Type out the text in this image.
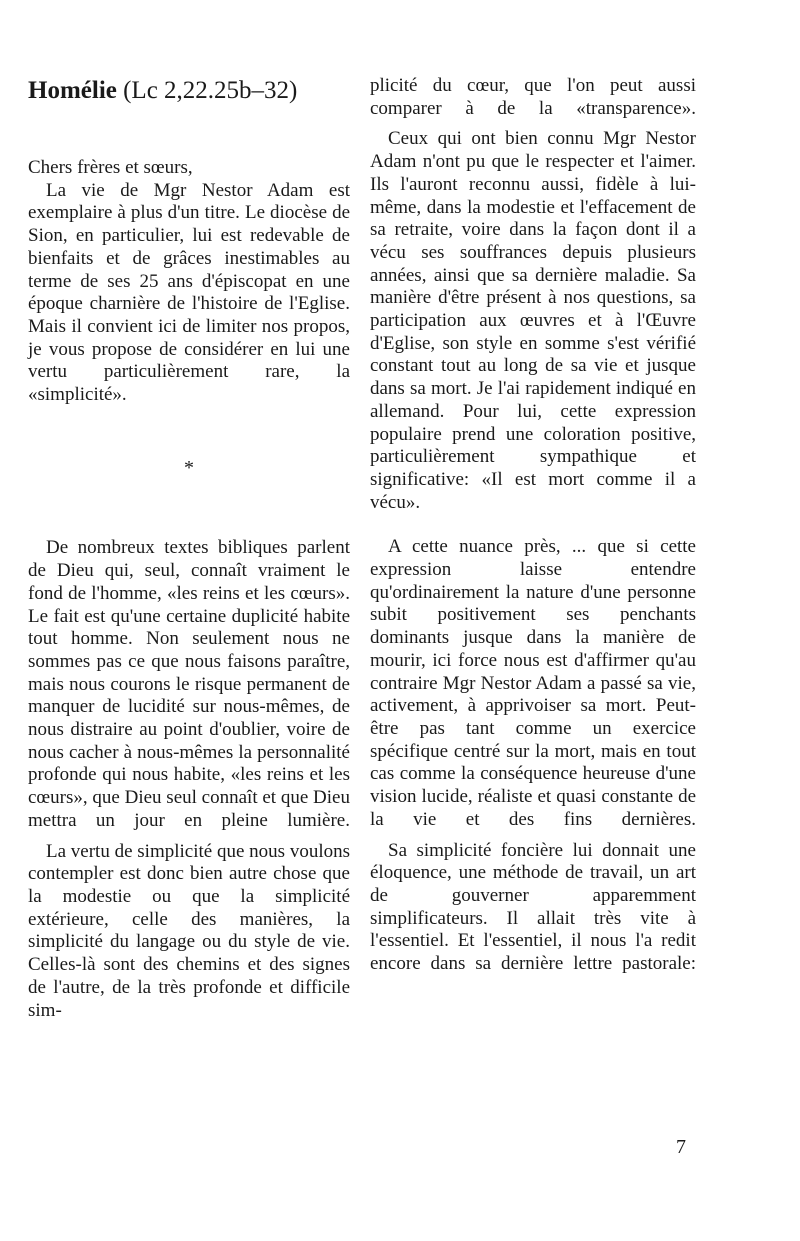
Homélie (Lc 2,22.25b–32)

Chers frères et sœurs,

La vie de Mgr Nestor Adam est exemplaire à plus d'un titre. Le diocèse de Sion, en particulier, lui est redevable de bienfaits et de grâces inestimables au terme de ses 25 ans d'épiscopat en une époque charnière de l'histoire de l'Eglise. Mais il convient ici de limiter nos propos, je vous propose de considérer en lui une vertu particulièrement rare, la «simplicité».

*

De nombreux textes bibliques parlent de Dieu qui, seul, connaît vraiment le fond de l'homme, «les reins et les cœurs». Le fait est qu'une certaine duplicité habite tout homme. Non seulement nous ne sommes pas ce que nous faisons paraître, mais nous courons le risque permanent de manquer de lucidité sur nous-mêmes, de nous distraire au point d'oublier, voire de nous cacher à nous-mêmes la personnalité profonde qui nous habite, «les reins et les cœurs», que Dieu seul connaît et que Dieu mettra un jour en pleine lumière.

La vertu de simplicité que nous voulons contempler est donc bien autre chose que la modestie ou que la simplicité extérieure, celle des manières, la simplicité du langage ou du style de vie. Celles-là sont des chemins et des signes de l'autre, de la très profonde et difficile sim-

plicité du cœur, que l'on peut aussi comparer à de la «transparence».

Ceux qui ont bien connu Mgr Nestor Adam n'ont pu que le respecter et l'aimer. Ils l'auront reconnu aussi, fidèle à lui-même, dans la modestie et l'effacement de sa retraite, voire dans la façon dont il a vécu ses souffrances depuis plusieurs années, ainsi que sa dernière maladie. Sa manière d'être présent à nos questions, sa participation aux œuvres et à l'Œuvre d'Eglise, son style en somme s'est vérifié constant tout au long de sa vie et jusque dans sa mort. Je l'ai rapidement indiqué en allemand. Pour lui, cette expression populaire prend une coloration positive, particulièrement sympathique et significative: «Il est mort comme il a vécu».

A cette nuance près, ... que si cette expression laisse entendre qu'ordinairement la nature d'une personne subit positivement ses penchants dominants jusque dans la manière de mourir, ici force nous est d'affirmer qu'au contraire Mgr Nestor Adam a passé sa vie, activement, à apprivoiser sa mort. Peut-être pas tant comme un exercice spécifique centré sur la mort, mais en tout cas comme la conséquence heureuse d'une vision lucide, réaliste et quasi constante de la vie et des fins dernières.

Sa simplicité foncière lui donnait une éloquence, une méthode de travail, un art de gouverner apparemment simplificateurs. Il allait très vite à l'essentiel. Et l'essentiel, il nous l'a redit encore dans sa dernière lettre pastorale:

7
